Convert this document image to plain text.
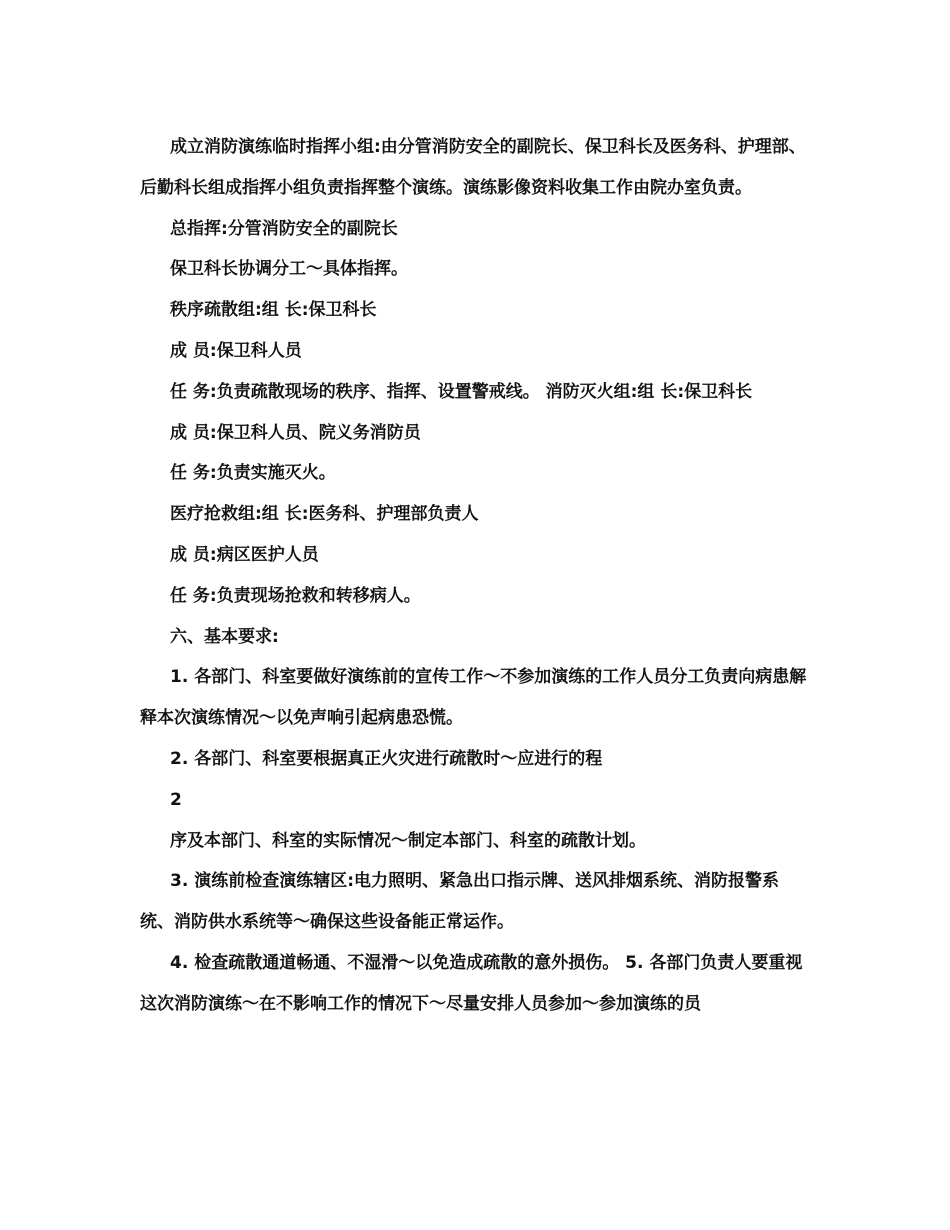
成立消防演练临时指挥小组:由分管消防安全的副院长、保卫科长及医务科、护理部、后勤科长组成指挥小组负责指挥整个演练。演练影像资料收集工作由院办室负责。

总指挥:分管消防安全的副院长

保卫科长协调分工～具体指挥。

秩序疏散组:组 长:保卫科长

成 员:保卫科人员

任 务:负责疏散现场的秩序、指挥、设置警戒线。 消防灭火组:组 长:保卫科长

成 员:保卫科人员、院义务消防员

任 务:负责实施灭火。

医疗抢救组:组 长:医务科、护理部负责人

成 员:病区医护人员

任 务:负责现场抢救和转移病人。

六、基本要求:

1. 各部门、科室要做好演练前的宣传工作～不参加演练的工作人员分工负责向病患解释本次演练情况～以免声响引起病患恐慌。

2. 各部门、科室要根据真正火灾进行疏散时～应进行的程

2

序及本部门、科室的实际情况～制定本部门、科室的疏散计划。

3. 演练前检查演练辖区:电力照明、紧急出口指示牌、送风排烟系统、消防报警系统、消防供水系统等～确保这些设备能正常运作。

4. 检查疏散通道畅通、不湿滑～以免造成疏散的意外损伤。 5. 各部门负责人要重视这次消防演练～在不影响工作的情况下～尽量安排人员参加～参加演练的员
